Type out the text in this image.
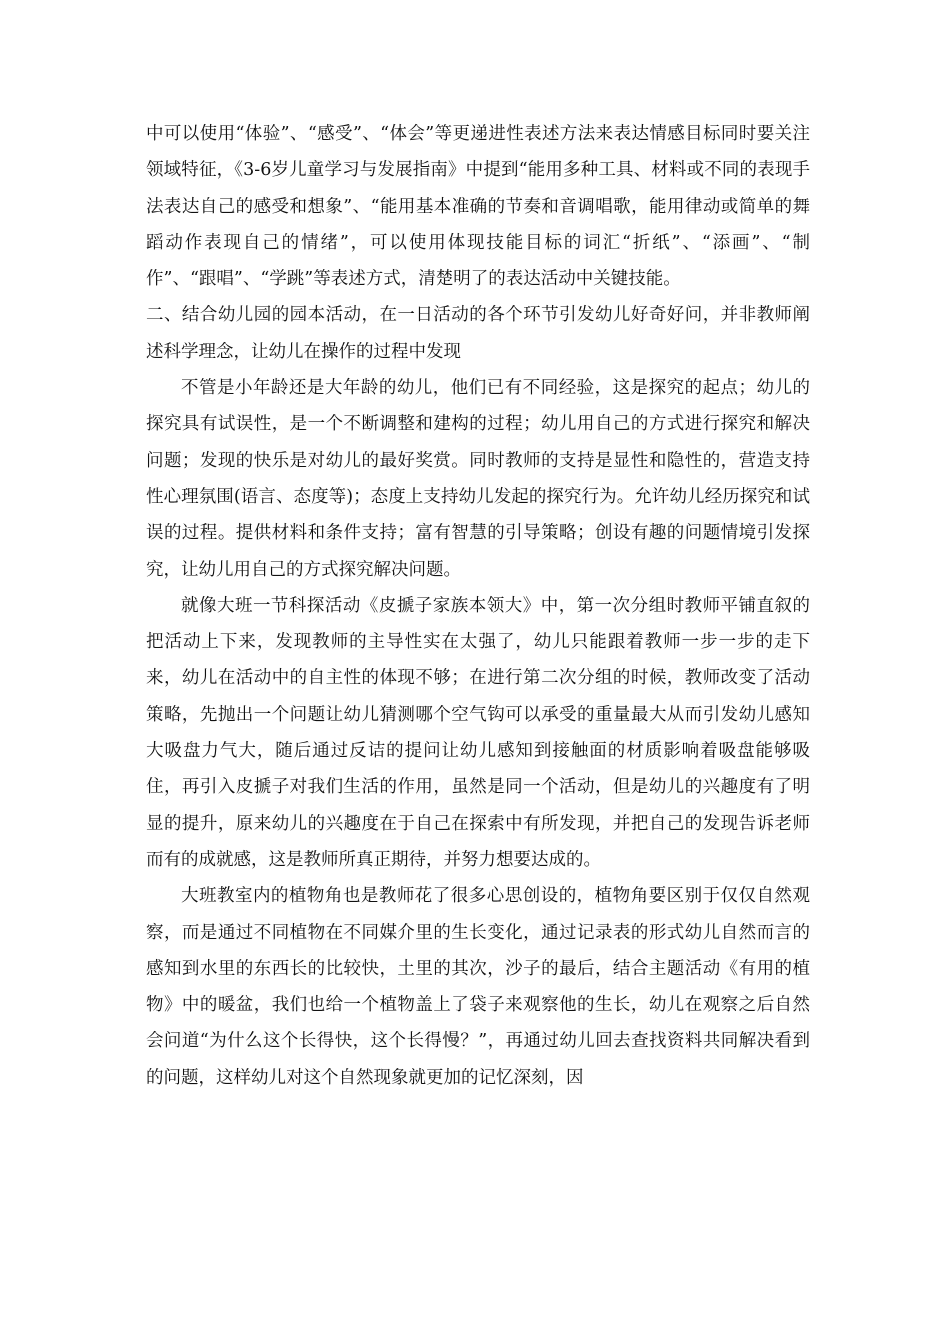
中可以使用“体验”、“感受”、“体会”等更递进性表述方法来表达情感目标同时要关注领域特征，《3-6岁儿童学习与发展指南》中提到“能用多种工具、材料或不同的表现手法表达自己的感受和想象”、“能用基本准确的节奏和音调唱歌，能用律动或简单的舞蹈动作表现自己的情绪”，可以使用体现技能目标的词汇“折纸”、“添画”、“制作”、“跟唱”、“学跳”等表述方式，清楚明了的表达活动中关键技能。

二、结合幼儿园的园本活动，在一日活动的各个环节引发幼儿好奇好问，并非教师阐述科学理念，让幼儿在操作的过程中发现

不管是小年龄还是大年龄的幼儿，他们已有不同经验，这是探究的起点；幼儿的探究具有试误性，是一个不断调整和建构的过程；幼儿用自己的方式进行探究和解决问题；发现的快乐是对幼儿的最好奖赏。同时教师的支持是显性和隐性的，营造支持性心理氛围(语言、态度等)；态度上支持幼儿发起的探究行为。允许幼儿经历探究和试误的过程。提供材料和条件支持；富有智慧的引导策略；创设有趣的问题情境引发探究，让幼儿用自己的方式探究解决问题。

就像大班一节科探活动《皮搋子家族本领大》中，第一次分组时教师平铺直叙的把活动上下来，发现教师的主导性实在太强了，幼儿只能跟着教师一步一步的走下来，幼儿在活动中的自主性的体现不够；在进行第二次分组的时候，教师改变了活动策略，先抛出一个问题让幼儿猜测哪个空气钩可以承受的重量最大从而引发幼儿感知大吸盘力气大，随后通过反诘的提问让幼儿感知到接触面的材质影响着吸盘能够吸住，再引入皮搋子对我们生活的作用，虽然是同一个活动，但是幼儿的兴趣度有了明显的提升，原来幼儿的兴趣度在于自己在探索中有所发现，并把自己的发现告诉老师而有的成就感，这是教师所真正期待，并努力想要达成的。

大班教室内的植物角也是教师花了很多心思创设的，植物角要区别于仅仅自然观察，而是通过不同植物在不同媒介里的生长变化，通过记录表的形式幼儿自然而言的感知到水里的东西长的比较快，土里的其次，沙子的最后，结合主题活动《有用的植物》中的暖盆，我们也给一个植物盖上了袋子来观察他的生长，幼儿在观察之后自然会问道“为什么这个长得快，这个长得慢？”，再通过幼儿回去查找资料共同解决看到的问题，这样幼儿对这个自然现象就更加的记忆深刻，因
